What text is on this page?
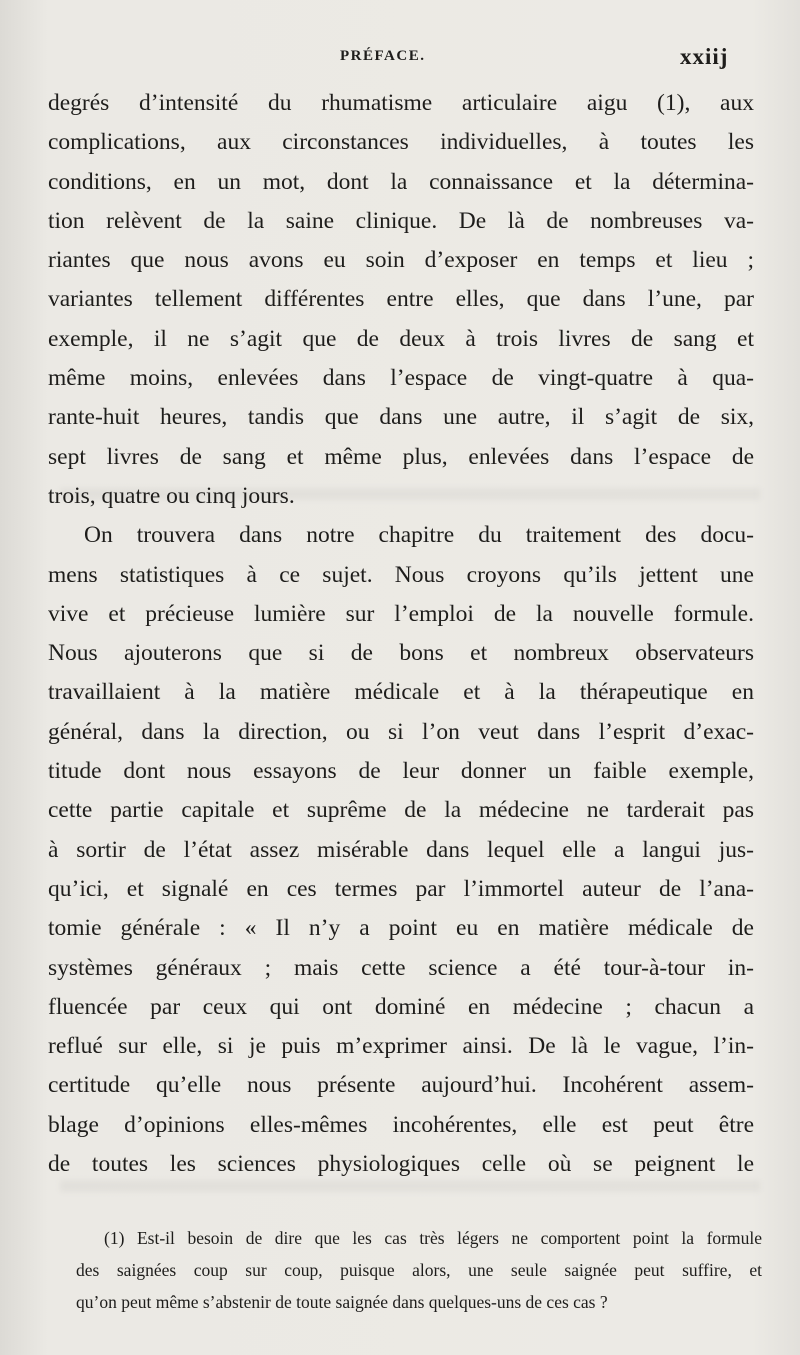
PRÉFACE.	xxiij
degrés d’intensité du rhumatisme articulaire aigu (1), aux
complications, aux circonstances individuelles, à toutes les
conditions, en un mot, dont la connaissance et la détermina-
tion relèvent de la saine clinique. De là de nombreuses va-
riantes que nous avons eu soin d’exposer en temps et lieu ;
variantes tellement différentes entre elles, que dans l’une, par
exemple, il ne s’agit que de deux à trois livres de sang et
même moins, enlevées dans l’espace de vingt-quatre à qua-
rante-huit heures, tandis que dans une autre, il s’agit de six,
sept livres de sang et même plus, enlevées dans l’espace de
trois, quatre ou cinq jours.
On trouvera dans notre chapitre du traitement des docu-
mens statistiques à ce sujet. Nous croyons qu’ils jettent une
vive et précieuse lumière sur l’emploi de la nouvelle formule.
Nous ajouterons que si de bons et nombreux observateurs
travaillaient à la matière médicale et à la thérapeutique en
général, dans la direction, ou si l’on veut dans l’esprit d’exac-
titude dont nous essayons de leur donner un faible exemple,
cette partie capitale et suprême de la médecine ne tarderait pas
à sortir de l’état assez misérable dans lequel elle a langui jus-
qu’ici, et signalé en ces termes par l’immortel auteur de l’ana-
tomie générale : « Il n’y a point eu en matière médicale de
systèmes généraux ; mais cette science a été tour-à-tour in-
fluencée par ceux qui ont dominé en médecine ; chacun a
reflué sur elle, si je puis m’exprimer ainsi. De là le vague, l’in-
certitude qu’elle nous présente aujourd’hui. Incohérent assem-
blage d’opinions elles-mêmes incohérentes, elle est peut être
de toutes les sciences physiologiques celle où se peignent le
(1) Est-il besoin de dire que les cas très légers ne comportent point la formule
des saignées coup sur coup, puisque alors, une seule saignée peut suffire, et
qu’on peut même s’abstenir de toute saignée dans quelques-uns de ces cas ?
